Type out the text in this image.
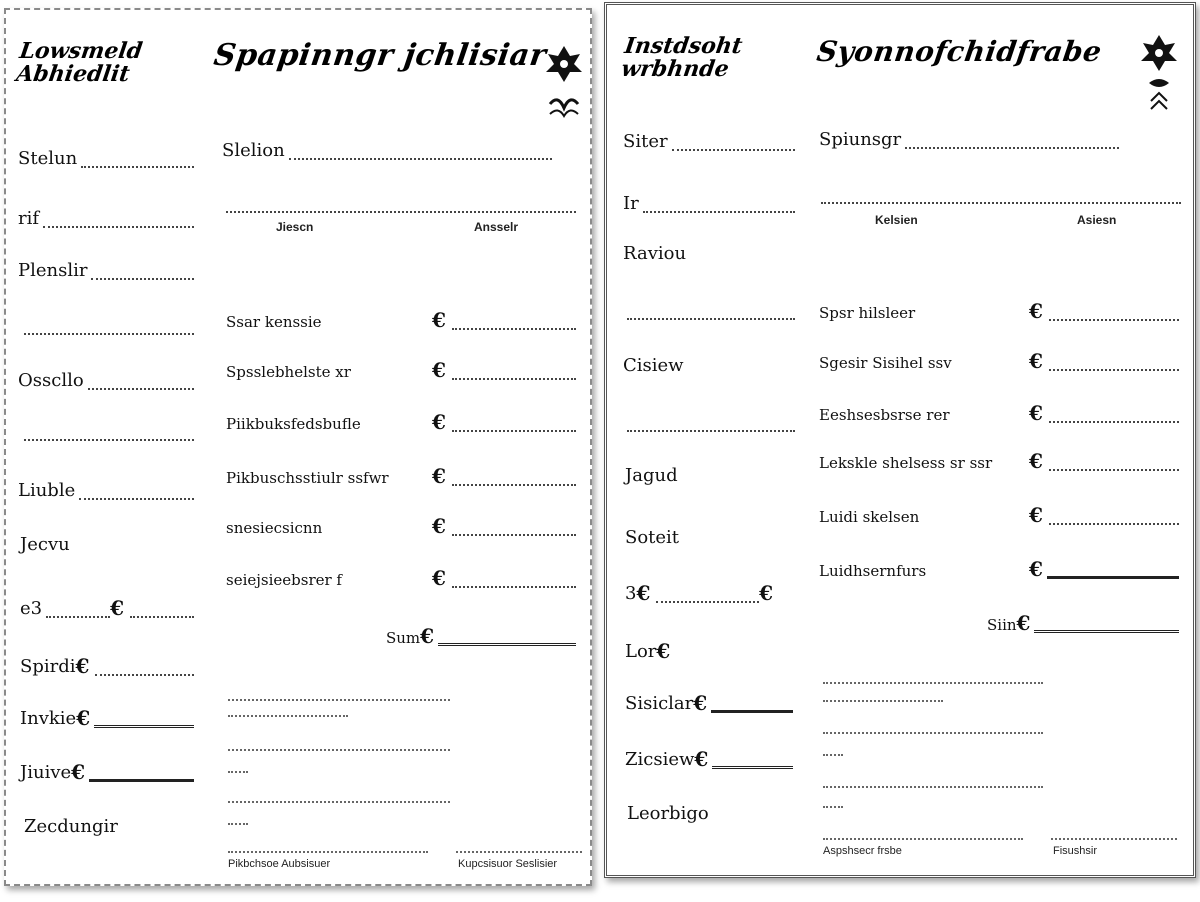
Lowsmeld
Abhiedlit
Spapinngr jchlisiar
Stelun
rif
Plenslir
Osscllo
Liuble
Jecvu
e3	€
Spirdi €
Invkie €
Jiuive €
Zecdungir
Slelion
Jiescn	Ansselr
Ssar kenssie	€
Spsslebhelste xr	€
Piikbuksfedsbufle	€
Pikbuschsstiulr ssfwr	€
snesiecsicnn	€
seiejsieebsrer f	€
Sum €
Pikbchsoe Aubsisuer	Kupcsisuor Seslisier
Instdsoht
wrbhnde
Syonnofchidfrabe
Siter
Ir
Raviou
Cisiew
Jagud
Soteit
3 €	€
Lor €
Sisiclar €
Zicsiew €
Leorbigo
Spiunsgr
Kelsien	Asiesn
Spsr hilsleer	€
Sgesir Sisihel ssv	€
Eeshsesbsrse rer	€
Lekskle shelsess sr ssr	€
Luidi skelsen	€
Luidhsernfurs	€
Siin €
Aspshsecr frsbe	Fisushsir
